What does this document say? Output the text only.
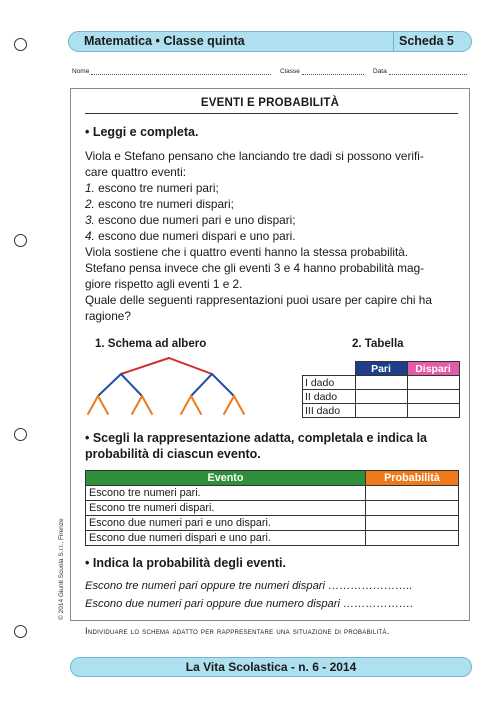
Matematica • Classe quinta	Scheda 5
Nome	Classe	Data
EVENTI E PROBABILITÀ
• Leggi e completa.

Viola e Stefano pensano che lanciando tre dadi si possono verifi-

care quattro eventi:

1. escono tre numeri pari;

2. escono tre numeri dispari;

3. escono due numeri pari e uno dispari;

4. escono due numeri dispari e uno pari.

Viola sostiene che i quattro eventi hanno la stessa probabilità.

Stefano pensa invece che gli eventi 3 e 4 hanno probabilità mag-

giore rispetto agli eventi 1 e 2.

Quale delle seguenti rappresentazioni puoi usare per capire chi ha

ragione?

1. Schema ad albero	2. Tabella
	Pari	Dispari
I dado		
II dado		
III dado		
• Scegli la rappresentazione adatta, completala e indica la
probabilità di ciascun evento.
Evento	Probabilità
Escono tre numeri pari.	
Escono tre numeri dispari.	
Escono due numeri pari e uno dispari.	
Escono due numeri dispari e uno pari.	
• Indica la probabilità degli eventi.
Escono tre numeri pari oppure tre numeri dispari …………………..
Escono due numeri pari oppure due numero dispari ……………….
Individuare lo schema adatto per rappresentare una situazione di probabilità.
© 2014 Giunti Scuola S.r.l., Firenze
La Vita Scolastica - n. 6 - 2014
